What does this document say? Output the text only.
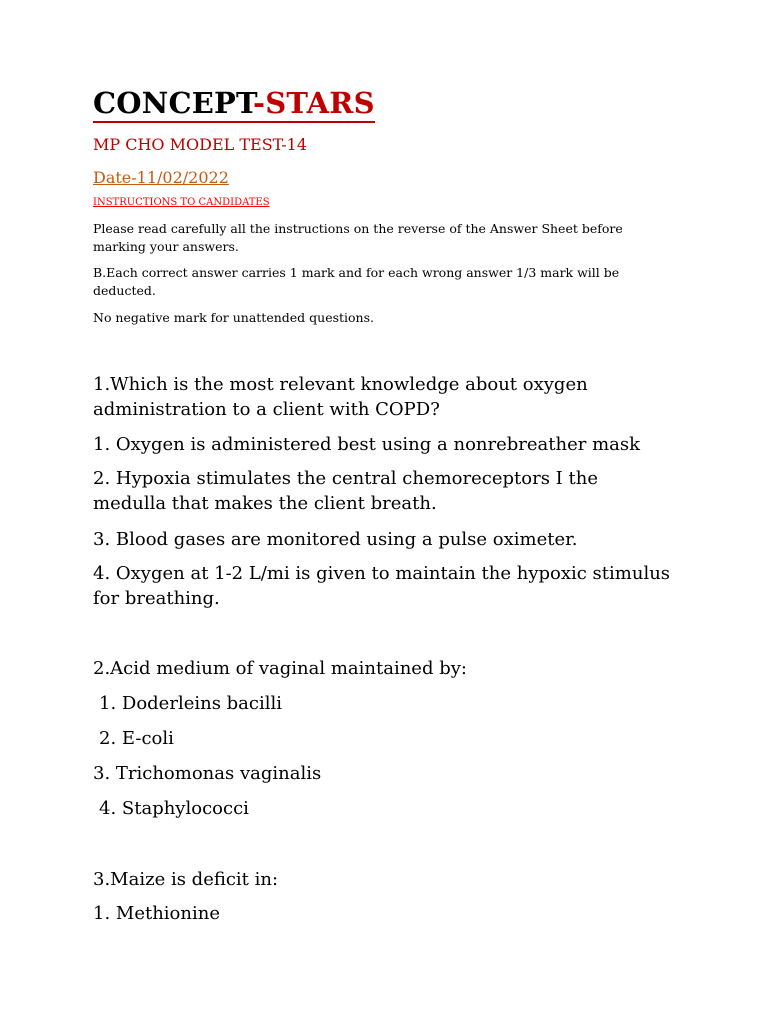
CONCEPT-STARS
MP CHO MODEL TEST-14
Date-11/02/2022
INSTRUCTIONS TO CANDIDATES
Please read carefully all the instructions on the reverse of the Answer Sheet before marking your answers.
B.Each correct answer carries 1 mark and for each wrong answer 1/3 mark will be deducted.
No negative mark for unattended questions.
1.Which is the most relevant knowledge about oxygen administration to a client with COPD?
1. Oxygen is administered best using a nonrebreather mask
2. Hypoxia stimulates the central chemoreceptors I the medulla that makes the client breath.
3. Blood gases are monitored using a pulse oximeter.
4. Oxygen at 1-2 L/mi is given to maintain the hypoxic stimulus for breathing.
2.Acid medium of vaginal maintained by:
1. Doderleins bacilli
2. E-coli
3. Trichomonas vaginalis
4. Staphylococci
3.Maize is deficit in:
1. Methionine
